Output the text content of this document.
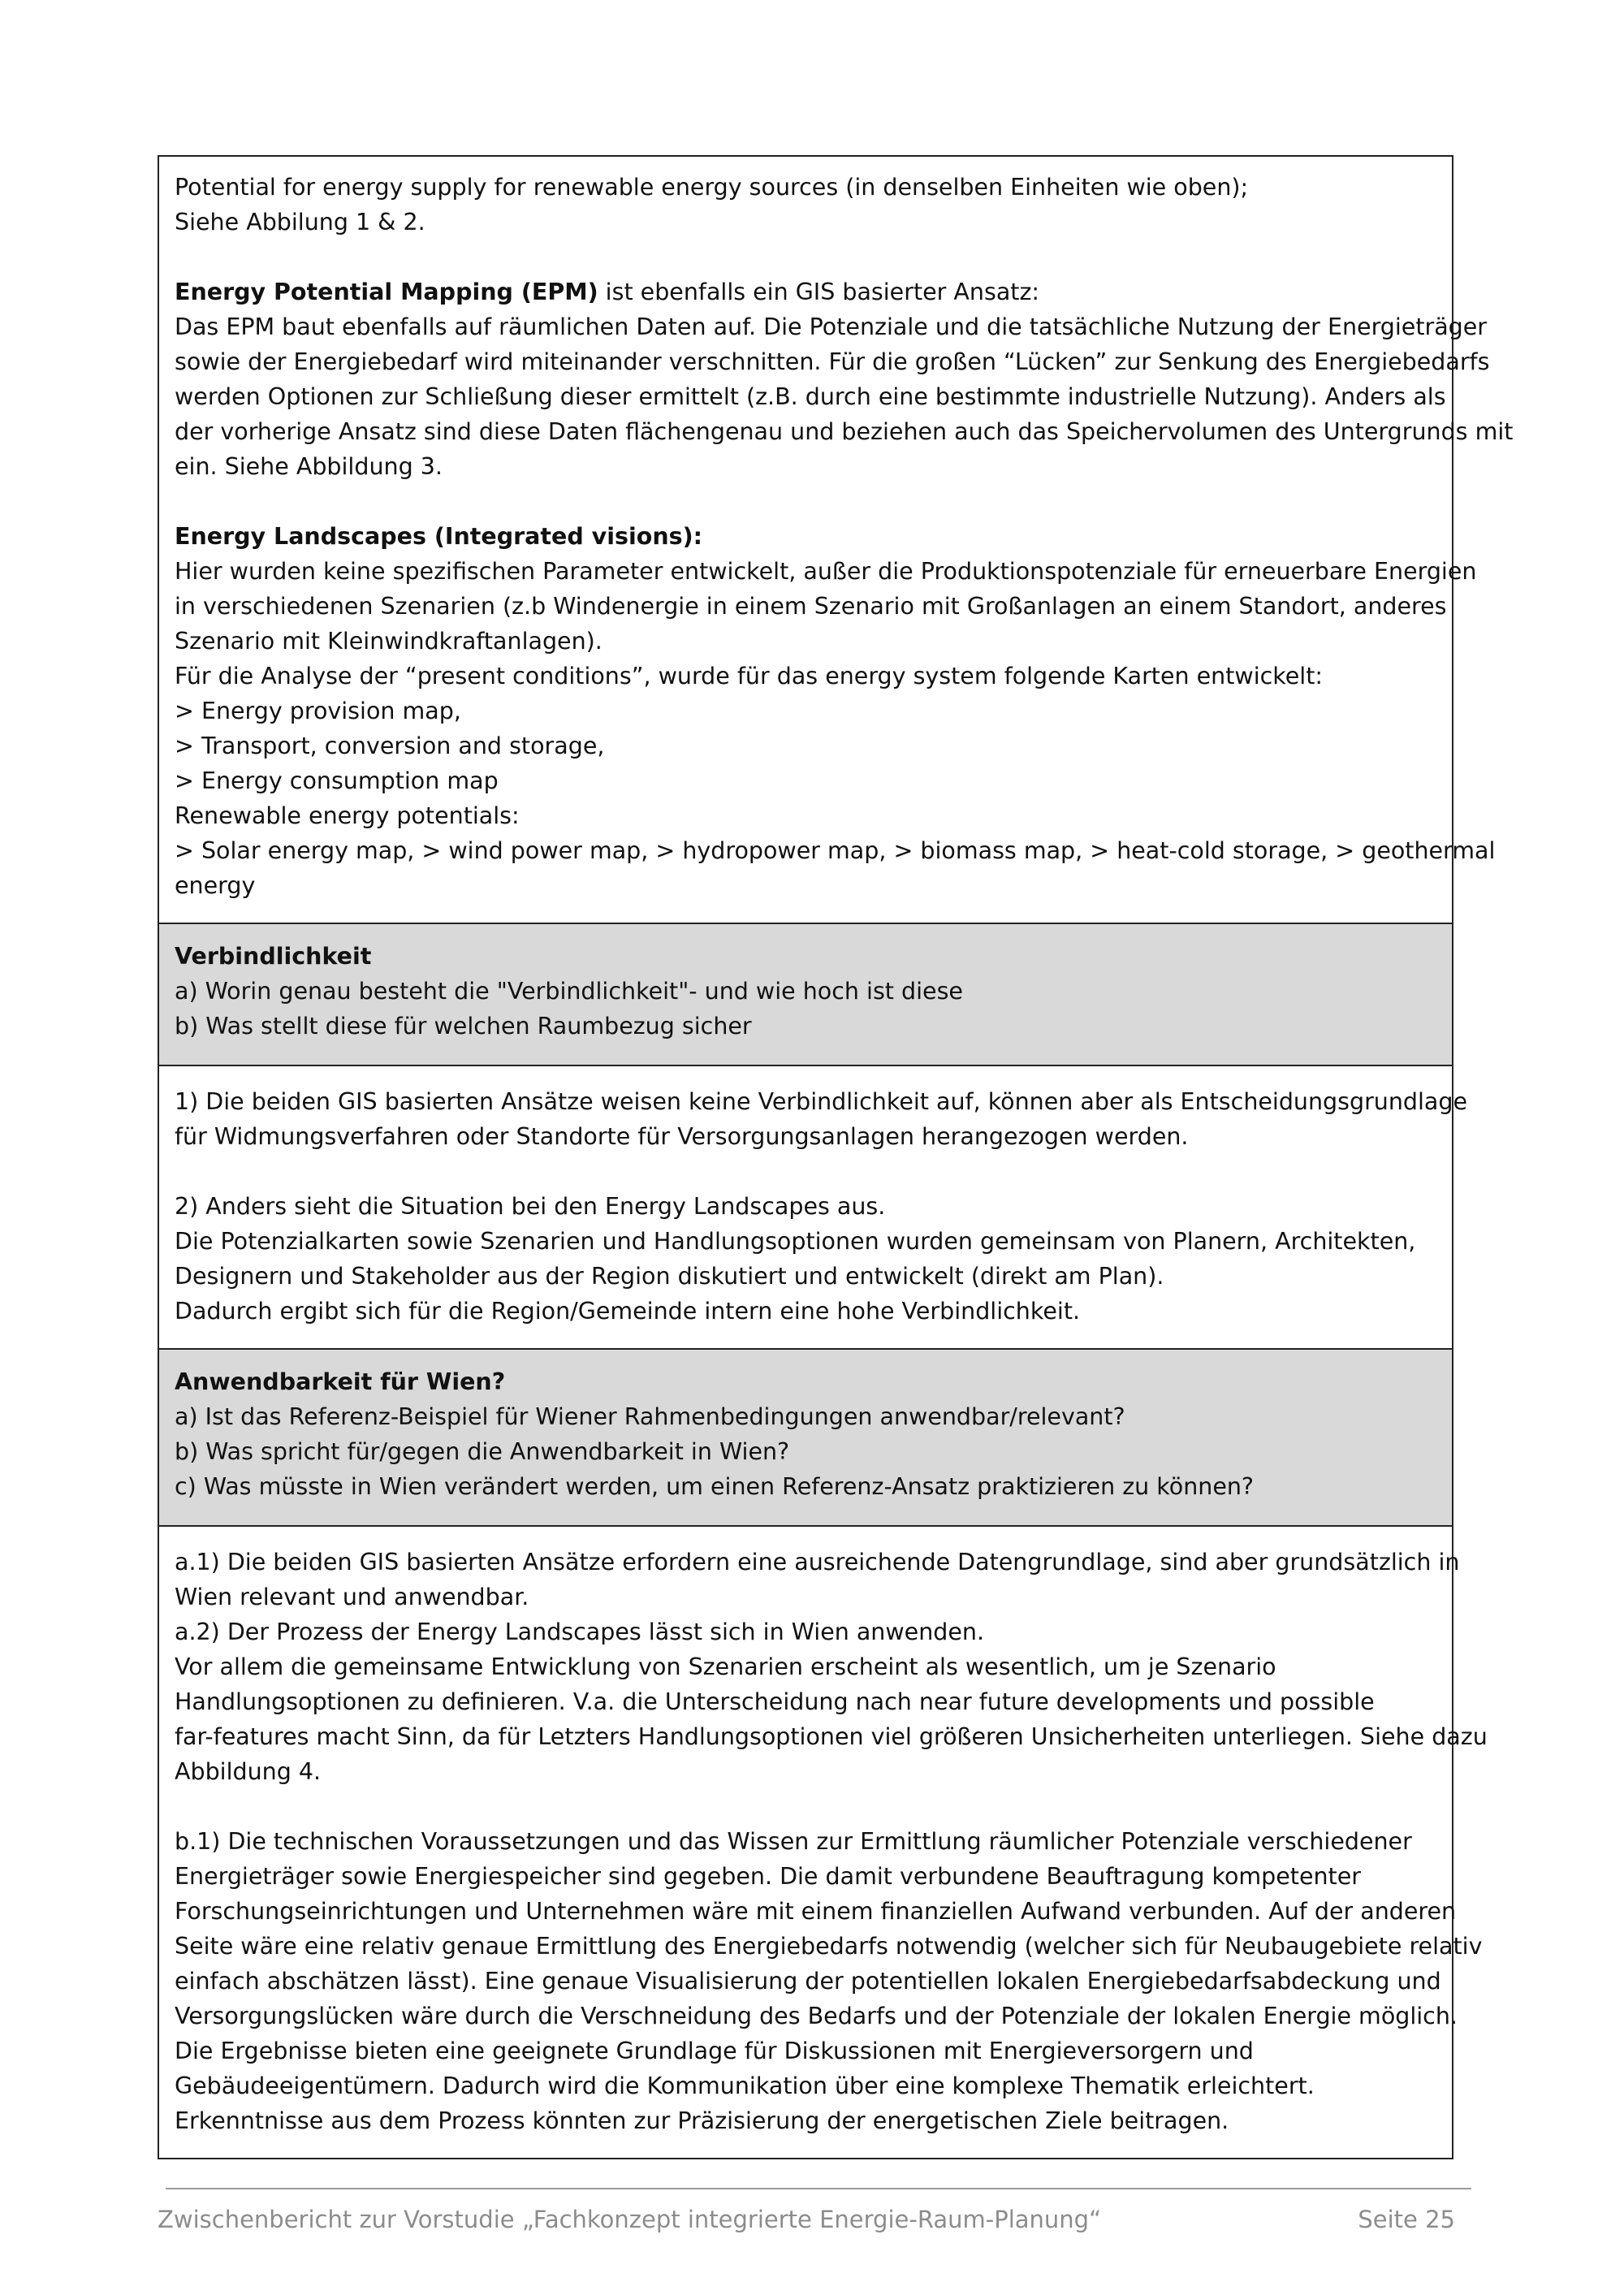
Potential for energy supply for renewable energy sources (in denselben Einheiten wie oben);
Siehe Abbilung 1 & 2.
Energy Potential Mapping (EPM) ist ebenfalls ein GIS basierter Ansatz:
Das EPM baut ebenfalls auf räumlichen Daten auf. Die Potenziale und die tatsächliche Nutzung der Energieträger
sowie der Energiebedarf wird miteinander verschnitten. Für die großen “Lücken” zur Senkung des Energiebedarfs
werden Optionen zur Schließung dieser ermittelt (z.B. durch eine bestimmte industrielle Nutzung). Anders als
der vorherige Ansatz sind diese Daten flächengenau und beziehen auch das Speichervolumen des Untergrunds mit
ein. Siehe Abbildung 3.
Energy Landscapes (Integrated visions):
Hier wurden keine spezifischen Parameter entwickelt, außer die Produktionspotenziale für erneuerbare Energien
in verschiedenen Szenarien (z.b Windenergie in einem Szenario mit Großanlagen an einem Standort, anderes
Szenario mit Kleinwindkraftanlagen).
Für die Analyse der “present conditions”, wurde für das energy system folgende Karten entwickelt:
> Energy provision map,
> Transport, conversion and storage,
> Energy consumption map
Renewable energy potentials:
> Solar energy map, > wind power map, > hydropower map, > biomass map, > heat-cold storage, > geothermal
energy
Verbindlichkeit
a) Worin genau besteht die "Verbindlichkeit"- und wie hoch ist diese
b) Was stellt diese für welchen Raumbezug sicher
1) Die beiden GIS basierten Ansätze weisen keine Verbindlichkeit auf, können aber als Entscheidungsgrundlage
für Widmungsverfahren oder Standorte für Versorgungsanlagen herangezogen werden.
2) Anders sieht die Situation bei den Energy Landscapes aus.
Die Potenzialkarten sowie Szenarien und Handlungsoptionen wurden gemeinsam von Planern, Architekten,
Designern und Stakeholder aus der Region diskutiert und entwickelt (direkt am Plan).
Dadurch ergibt sich für die Region/Gemeinde intern eine hohe Verbindlichkeit.
Anwendbarkeit für Wien?
a) Ist das Referenz-Beispiel für Wiener Rahmenbedingungen anwendbar/relevant?
b) Was spricht für/gegen die Anwendbarkeit in Wien?
c) Was müsste in Wien verändert werden, um einen Referenz-Ansatz praktizieren zu können?
a.1) Die beiden GIS basierten Ansätze erfordern eine ausreichende Datengrundlage, sind aber grundsätzlich in
Wien relevant und anwendbar.
a.2) Der Prozess der Energy Landscapes lässt sich in Wien anwenden.
Vor allem die gemeinsame Entwicklung von Szenarien erscheint als wesentlich, um je Szenario
Handlungsoptionen zu definieren. V.a. die Unterscheidung nach near future developments und possible
far-features macht Sinn, da für Letzters Handlungsoptionen viel größeren Unsicherheiten unterliegen. Siehe dazu
Abbildung 4.
b.1) Die technischen Voraussetzungen und das Wissen zur Ermittlung räumlicher Potenziale verschiedener
Energieträger sowie Energiespeicher sind gegeben. Die damit verbundene Beauftragung kompetenter
Forschungseinrichtungen und Unternehmen wäre mit einem finanziellen Aufwand verbunden. Auf der anderen
Seite wäre eine relativ genaue Ermittlung des Energiebedarfs notwendig (welcher sich für Neubaugebiete relativ
einfach abschätzen lässt). Eine genaue Visualisierung der potentiellen lokalen Energiebedarfsabdeckung und
Versorgungslücken wäre durch die Verschneidung des Bedarfs und der Potenziale der lokalen Energie möglich.
Die Ergebnisse bieten eine geeignete Grundlage für Diskussionen mit Energieversorgern und
Gebäudeeigentümern. Dadurch wird die Kommunikation über eine komplexe Thematik erleichtert.
Erkenntnisse aus dem Prozess könnten zur Präzisierung der energetischen Ziele beitragen.
Zwischenbericht zur Vorstudie „Fachkonzept integrierte Energie-Raum-Planung“	Seite 25
